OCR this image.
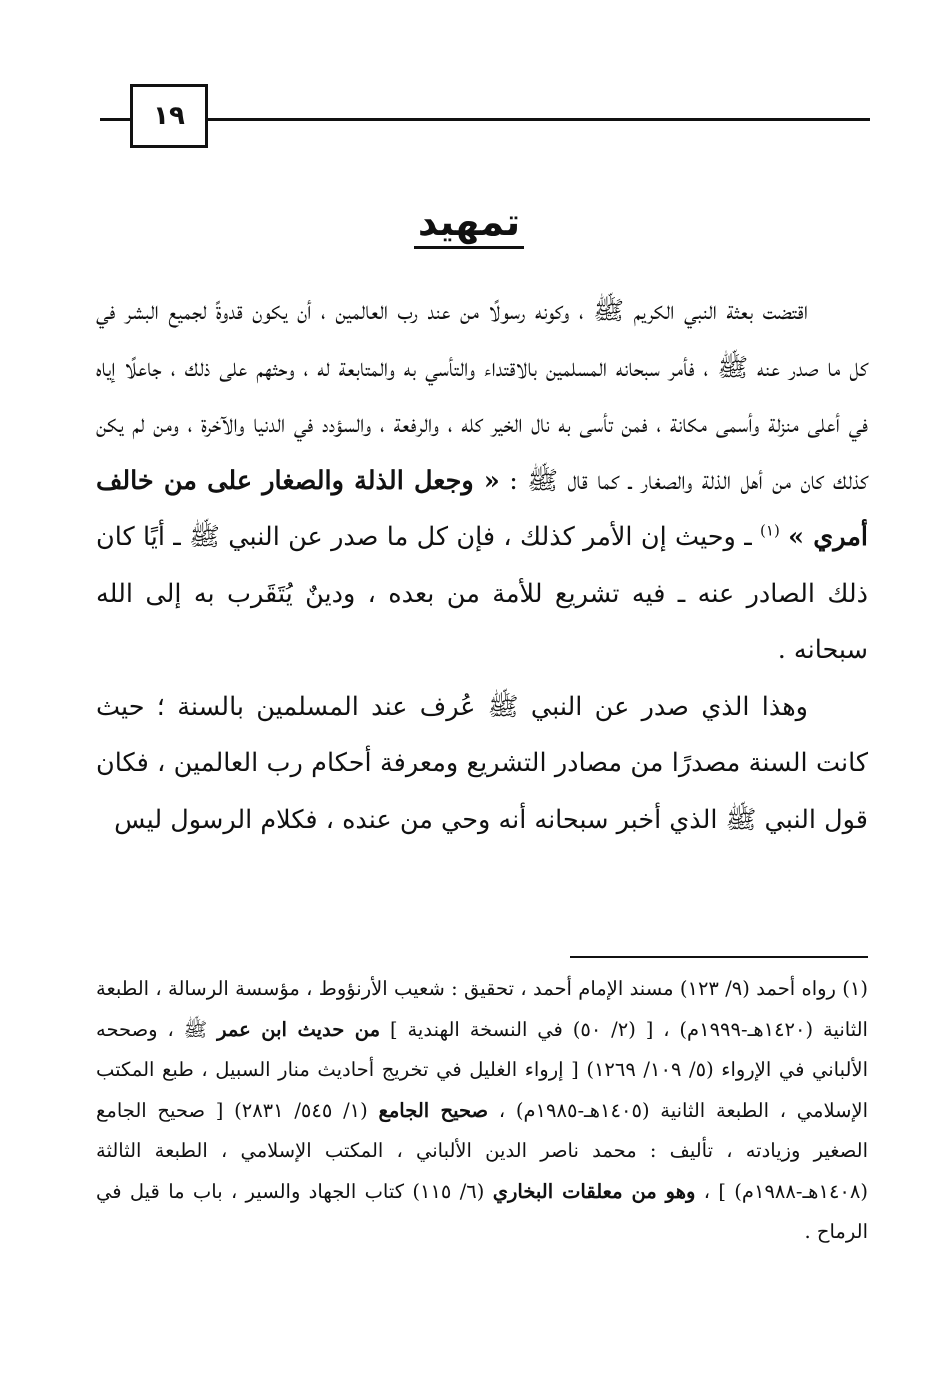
١٩
تمهيد

اقتضت بعثة النبي الكريم ﷺ ، وكونه رسولًا من عند رب العالمين ، أن يكون قدوةً لجميع البشر في كل ما صدر عنه ﷺ ، فأمر سبحانه المسلمين بالاقتداء والتأسي به والمتابعة له ، وحثهم على ذلك ، جاعلًا إياه في أعلى منزلة وأسمى مكانة ، فمن تأسى به نال الخير كله ، والرفعة ، والسؤدد في الدنيا والآخرة ، ومن لم يكن كذلك كان من أهل الذلة والصغار ـ كما قال ﷺ : « وجعل الذلة والصغار على من خالف أمري » $^{(١)}$ ـ وحيث إن الأمر كذلك ، فإن كل ما صدر عن النبي ﷺ ـ أيًا كان ذلك الصادر عنه ـ فيه تشريع للأمة من بعده ، ودينٌ يُتَقَرب به إلى الله سبحانه .

وهذا الذي صدر عن النبي ﷺ عُرف عند المسلمين بالسنة ؛ حيث كانت السنة مصدرًا من مصادر التشريع ومعرفة أحكام رب العالمين ، فكان قول النبي ﷺ الذي أخبر سبحانه أنه وحي من عنده ، فكلام الرسول ليس

(١) رواه أحمد (٩/ ١٢٣) مسند الإمام أحمد ، تحقيق : شعيب الأرنؤوط ، مؤسسة الرسالة ، الطبعة الثانية (١٤٢٠هـ-١٩٩٩م) ، [ (٢/ ٥٠) في النسخة الهندية ] من حديث ابن عمر ﷺ ، وصححه الألباني في الإرواء (٥/ ١٠٩/ ١٢٦٩) [ إرواء الغليل في تخريج أحاديث منار السبيل ، طبع المكتب الإسلامي ، الطبعة الثانية (١٤٠٥هـ-١٩٨٥م) ، صحيح الجامع (١/ ٥٤٥/ ٢٨٣١) [ صحيح الجامع الصغير وزيادته ، تأليف : محمد ناصر الدين الألباني ، المكتب الإسلامي ، الطبعة الثالثة (١٤٠٨هـ-١٩٨٨م) ] ، وهو من معلقات البخاري (٦/ ١١٥) كتاب الجهاد والسير ، باب ما قيل في الرماح .
